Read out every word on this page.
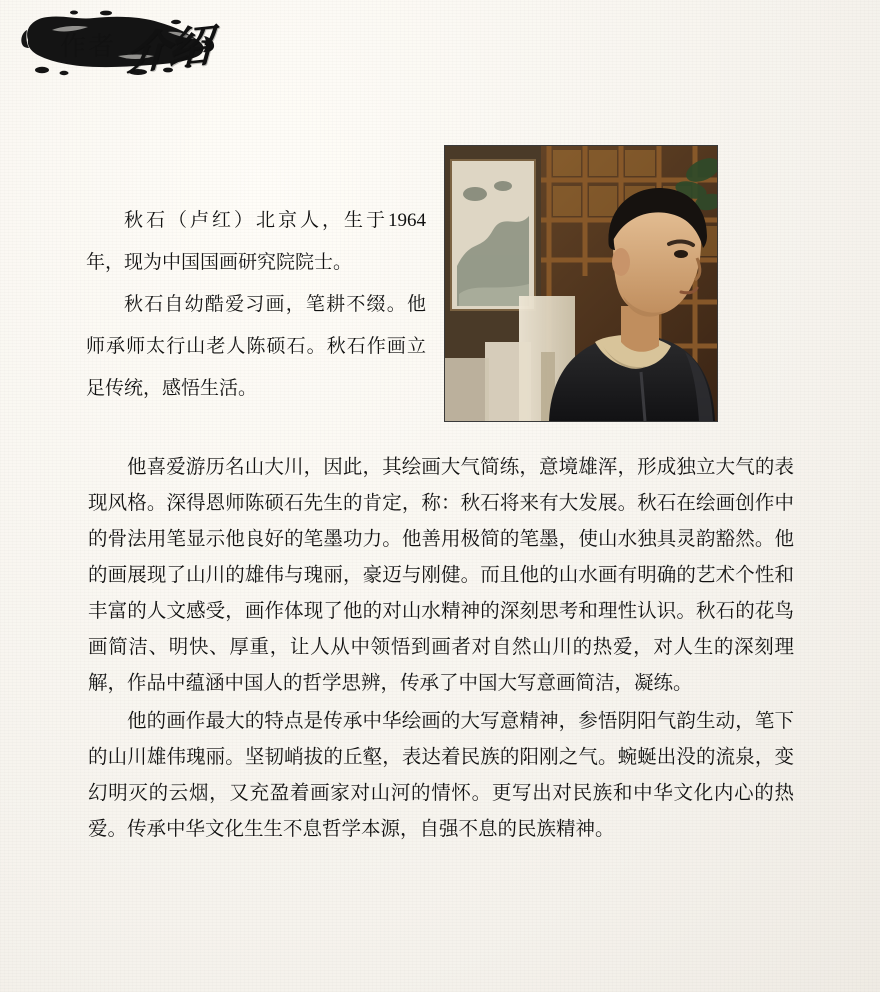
作者 介绍

秋石（卢红）北京人，生于1964年，现为中国国画研究院院士。

秋石自幼酷爱习画，笔耕不缀。他师承师太行山老人陈硕石。秋石作画立足传统，感悟生活。

他喜爱游历名山大川，因此，其绘画大气简练，意境雄浑，形成独立大气的表现风格。深得恩师陈硕石先生的肯定，称：秋石将来有大发展。秋石在绘画创作中的骨法用笔显示他良好的笔墨功力。他善用极简的笔墨，使山水独具灵韵豁然。他的画展现了山川的雄伟与瑰丽，豪迈与刚健。而且他的山水画有明确的艺术个性和丰富的人文感受，画作体现了他的对山水精神的深刻思考和理性认识。秋石的花鸟画简洁、明快、厚重，让人从中领悟到画者对自然山川的热爱，对人生的深刻理解，作品中蕴涵中国人的哲学思辨，传承了中国大写意画简洁，凝练。

他的画作最大的特点是传承中华绘画的大写意精神，参悟阴阳气韵生动，笔下的山川雄伟瑰丽。坚韧峭拔的丘壑，表达着民族的阳刚之气。蜿蜒出没的流泉，变幻明灭的云烟，又充盈着画家对山河的情怀。更写出对民族和中华文化内心的热爱。传承中华文化生生不息哲学本源，自强不息的民族精神。
